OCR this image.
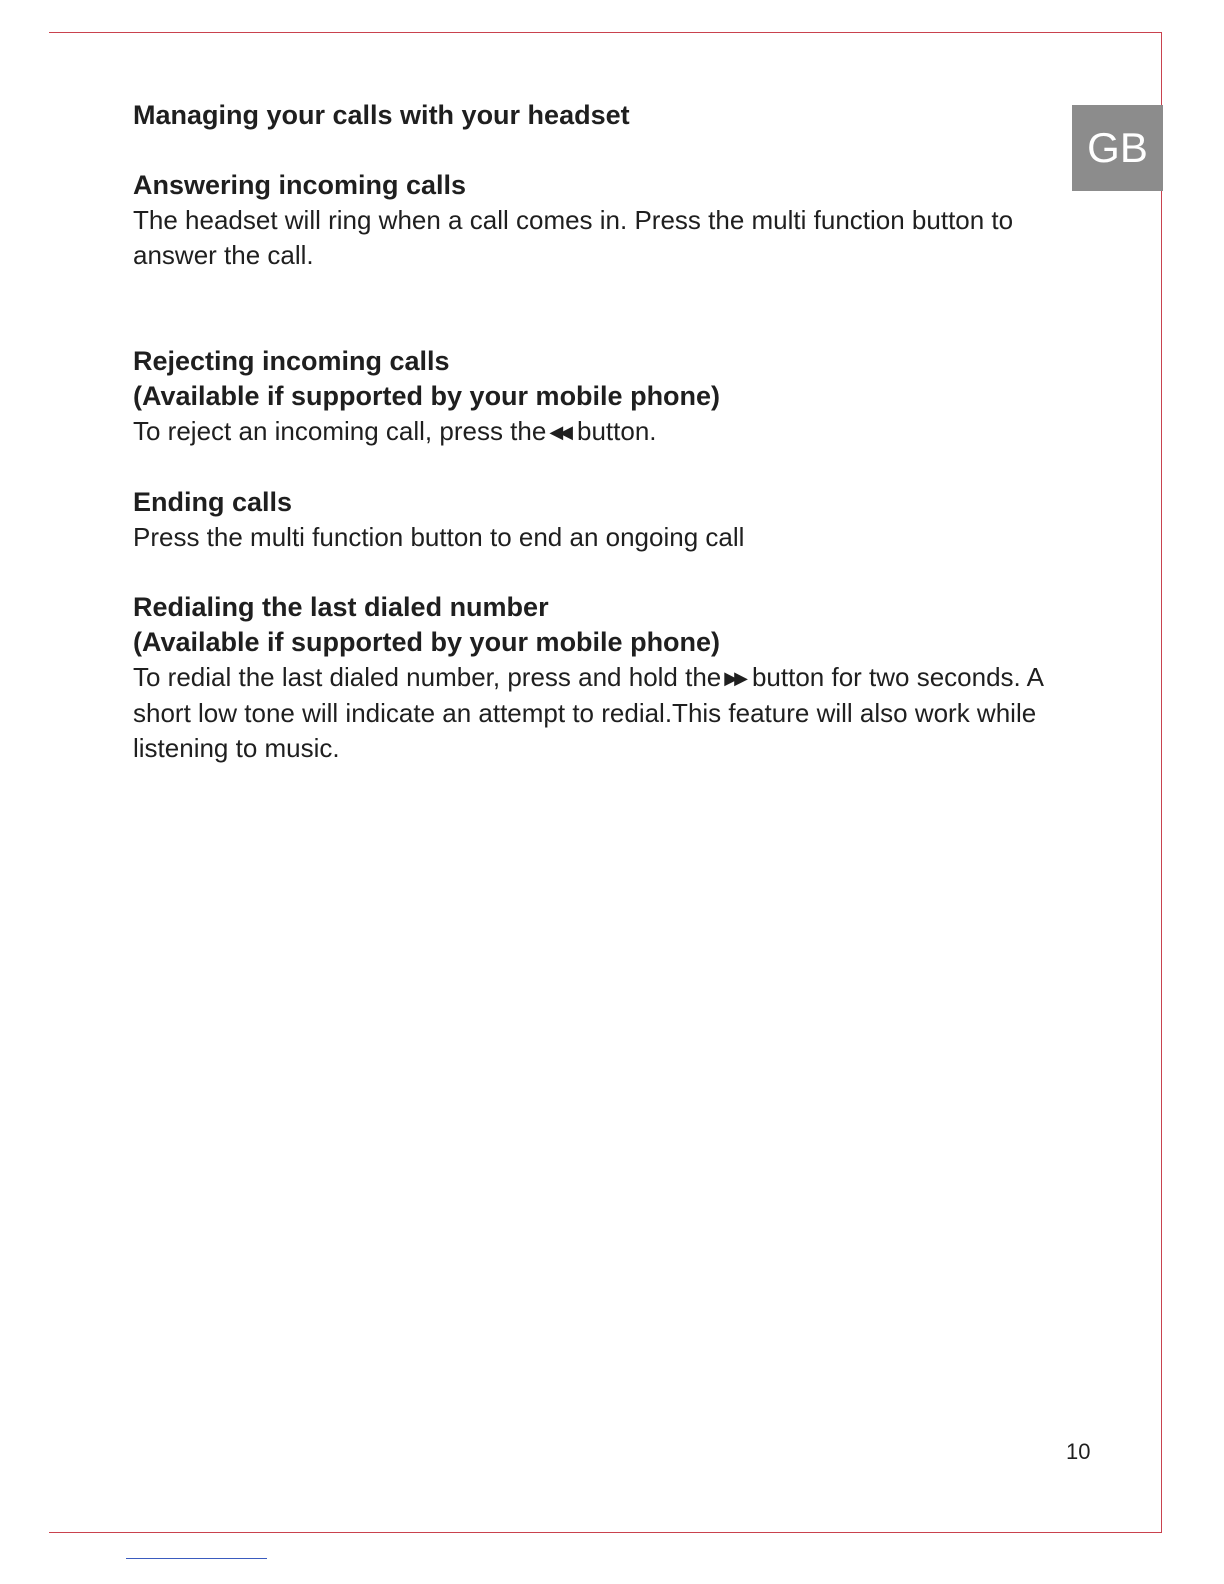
GB
Managing your calls with your headset

Answering incoming calls

The headset will ring when a call comes in. Press the multi function button to answer the call.

Rejecting incoming calls

(Available if supported by your mobile phone)

To reject an incoming call, press the ◀◀ button.

Ending calls

Press the multi function button to end an ongoing call

Redialing the last dialed number

(Available if supported by your mobile phone)

To redial the last dialed number, press and hold the ▶▶ button for two seconds. A short low tone will indicate an attempt to redial.This feature will also work while listening to music.

10
